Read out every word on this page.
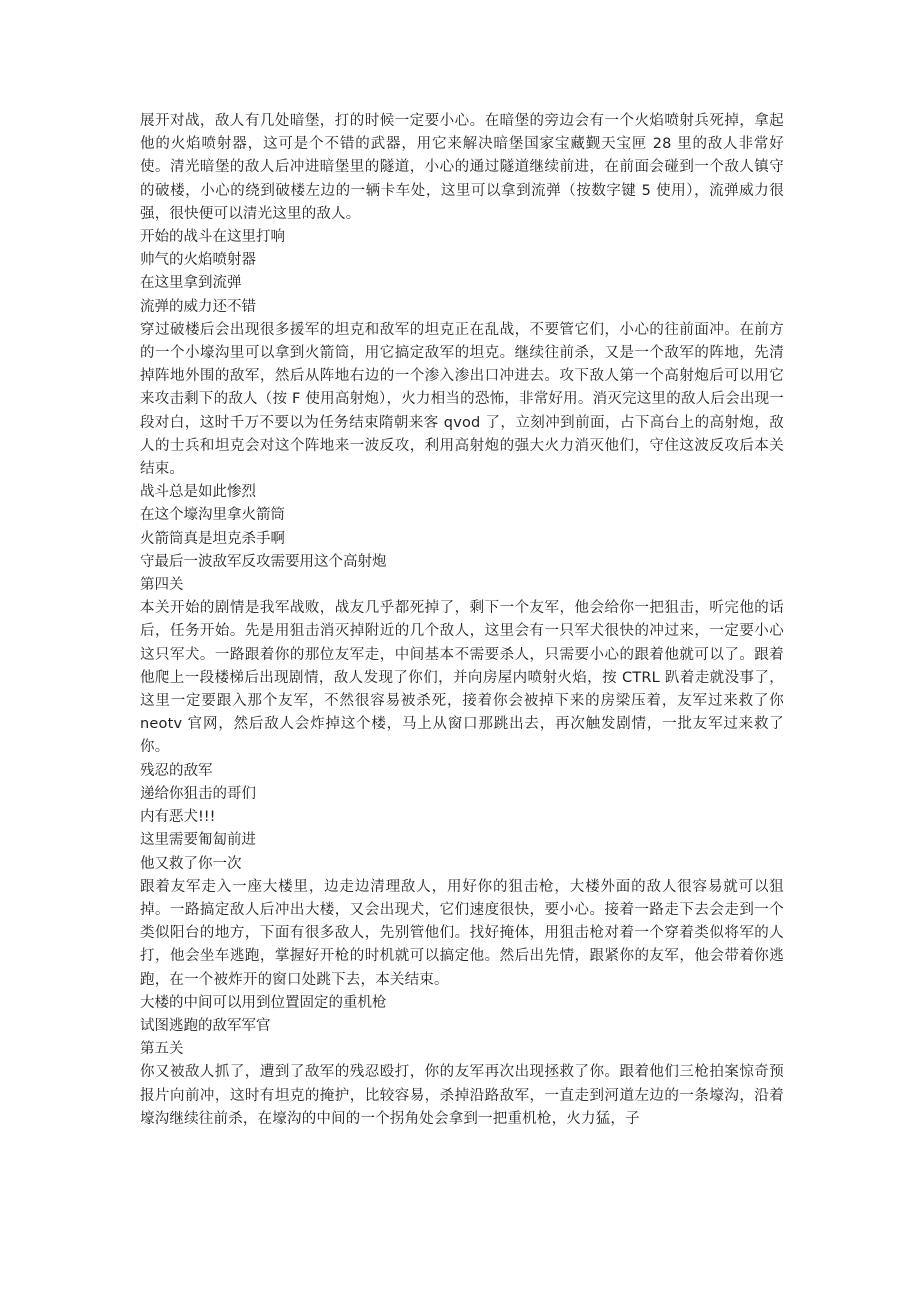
展开对战，敌人有几处暗堡，打的时候一定要小心。在暗堡的旁边会有一个火焰喷射兵死掉，拿起他的火焰喷射器，这可是个不错的武器，用它来解决暗堡国家宝藏觐天宝匣 28 里的敌人非常好使。清光暗堡的敌人后冲进暗堡里的隧道，小心的通过隧道继续前进，在前面会碰到一个敌人镇守的破楼，小心的绕到破楼左边的一辆卡车处，这里可以拿到流弹（按数字键 5 使用），流弹威力很强，很快便可以清光这里的敌人。

开始的战斗在这里打响

帅气的火焰喷射器

在这里拿到流弹

流弹的威力还不错

穿过破楼后会出现很多援军的坦克和敌军的坦克正在乱战，不要管它们，小心的往前面冲。在前方的一个小壕沟里可以拿到火箭筒，用它搞定敌军的坦克。继续往前杀，又是一个敌军的阵地，先清掉阵地外围的敌军，然后从阵地右边的一个渗入渗出口冲进去。攻下敌人第一个高射炮后可以用它来攻击剩下的敌人（按 F 使用高射炮），火力相当的恐怖，非常好用。消灭完这里的敌人后会出现一段对白，这时千万不要以为任务结束隋朝来客 qvod 了，立刻冲到前面，占下高台上的高射炮，敌人的士兵和坦克会对这个阵地来一波反攻，利用高射炮的强大火力消灭他们，守住这波反攻后本关结束。

战斗总是如此惨烈

在这个壕沟里拿火箭筒

火箭筒真是坦克杀手啊

守最后一波敌军反攻需要用这个高射炮

第四关

本关开始的剧情是我军战败，战友几乎都死掉了，剩下一个友军，他会给你一把狙击，听完他的话后，任务开始。先是用狙击消灭掉附近的几个敌人，这里会有一只军犬很快的冲过来，一定要小心这只军犬。一路跟着你的那位友军走，中间基本不需要杀人，只需要小心的跟着他就可以了。跟着他爬上一段楼梯后出现剧情，敌人发现了你们，并向房屋内喷射火焰，按 CTRL 趴着走就没事了，这里一定要跟入那个友军，不然很容易被杀死，接着你会被掉下来的房梁压着，友军过来救了你 neotv 官网，然后敌人会炸掉这个楼，马上从窗口那跳出去，再次触发剧情，一批友军过来救了你。

残忍的敌军

递给你狙击的哥们

内有恶犬!!!

这里需要匍匐前进

他又救了你一次

跟着友军走入一座大楼里，边走边清理敌人，用好你的狙击枪，大楼外面的敌人很容易就可以狙掉。一路搞定敌人后冲出大楼，又会出现犬，它们速度很快，要小心。接着一路走下去会走到一个类似阳台的地方，下面有很多敌人，先别管他们。找好掩体，用狙击枪对着一个穿着类似将军的人打，他会坐车逃跑，掌握好开枪的时机就可以搞定他。然后出先情，跟紧你的友军，他会带着你逃跑，在一个被炸开的窗口处跳下去，本关结束。

大楼的中间可以用到位置固定的重机枪

试图逃跑的敌军军官

第五关

你又被敌人抓了，遭到了敌军的残忍殴打，你的友军再次出现拯救了你。跟着他们三枪拍案惊奇预报片向前冲，这时有坦克的掩护，比较容易，杀掉沿路敌军，一直走到河道左边的一条壕沟，沿着壕沟继续往前杀，在壕沟的中间的一个拐角处会拿到一把重机枪，火力猛，子
